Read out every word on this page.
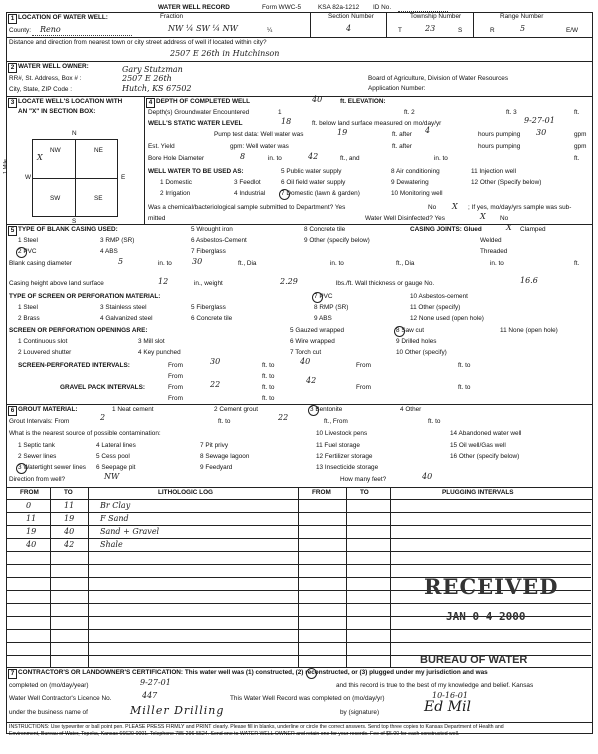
WATER WELL RECORD	Form WWC-5	KSA 82a-1212 ID No.
1 LOCATION OF WATER WELL:	Fraction	Section Number	Township Number	Range Number
County: Reno	NW ¼ SW ¼ NW	¼	4	T	23	S	R	5	E/W
Distance and direction from nearest town or city street address of well if located within city?
2507 E 26th in Hutchinson
2 WATER WELL OWNER:	Gary Stutzman
RR#, St. Address, Box # :	2507 E 26th
City, State, ZIP Code :	Hutch, KS 67502
Board of Agriculture, Division of Water Resources
Application Number:
3 LOCATE WELL'S LOCATION WITH
AN "X" IN SECTION BOX:
N
S
W	E
1 Mile
NW	NE
SW	SE
X
4 DEPTH OF COMPLETED WELL	40	ft. ELEVATION:
Depth(s) Groundwater Encountered	1	ft. 2	ft. 3	ft.
WELL'S STATIC WATER LEVEL	18	ft. below land surface measured on mo/day/yr	9-27-01
Pump test data: Well water was	19	ft. after 4	hours pumping 30	gpm
Est. Yield	gpm: Well water was	ft. after	hours pumping	gpm
Bore Hole Diameter	8	in. to	42	ft., and	in. to	ft.
WELL WATER TO BE USED AS:
1 Domestic
2 Irrigation
3 Feedlot
4 Industrial
5 Public water supply
6 Oil field water supply
7 Domestic (lawn & garden)
8 Air conditioning
9 Dewatering
10 Monitoring well
11 Injection well
12 Other (Specify below)
Was a chemical/bacteriological sample submitted to Department? Yes	No X ; If yes, mo/day/yrs sample was sub-
mitted	Water Well Disinfected? Yes	X No
5 TYPE OF BLANK CASING USED:
1 Steel
2 PVC
3 RMP (SR)
4 ABS
5 Wrought iron
6 Asbestos-Cement
7 Fiberglass
8 Concrete tile
9 Other (specify below)
CASING JOINTS: Glued	X Clamped
Welded
Threaded
Blank casing diameter	5	in. to	30	ft., Dia	in. to	ft., Dia	in. to	ft.
Casing height above land surface	12	in., weight	2.29	lbs./ft. Wall thickness or gauge No.	16.6
TYPE OF SCREEN OR PERFORATION MATERIAL:
1 Steel
2 Brass
3 Stainless steel
4 Galvanized steel
5 Fiberglass
6 Concrete tile
7 PVC
8 RMP (SR)
9 ABS
10 Asbestos-cement
11 Other (specify)
12 None used (open hole)
SCREEN OR PERFORATION OPENINGS ARE:
1 Continuous slot
2 Louvered shutter
3 Mill slot
4 Key punched
5 Gauzed wrapped
6 Wire wrapped
7 Torch cut
8 Saw cut
9 Drilled holes
10 Other (specify)
11 None (open hole)
SCREEN-PERFORATED INTERVALS:	From	30	ft. to	40	From	ft. to
From	ft. to
GRAVEL PACK INTERVALS:	From	22	ft. to
42
From	ft. to
From	ft. to
6 GROUT MATERIAL:	1 Neat cement	2 Cement grout	3 Bentonite	4 Other
Grout Intervals: From	2	ft. to	22	ft., From	ft. to
What is the nearest source of possible contamination:
1 Septic tank
2 Sewer lines
3 Watertight sewer lines
4 Lateral lines
5 Cess pool
6 Seepage pit
7 Pit privy
8 Sewage lagoon
9 Feedyard
10 Livestock pens
11 Fuel storage
12 Fertilizer storage
13 Insecticide storage
14 Abandoned water well
15 Oil well/Gas well
16 Other (specify below)
Direction from well?	NW	How many feet?	40
FROM	TO	LITHOLOGIC LOG	FROM	TO	PLUGGING INTERVALS
0	11	Br Clay
11	19	F Sand
19	40	Sand + Gravel
40	42	Shale
RECEIVED
JAN 0 4 2000
BUREAU OF WATER
7 CONTRACTOR'S OR LANDOWNER'S CERTIFICATION: This water well was (1) constructed, (2) reconstructed, or (3) plugged under my jurisdiction and was
completed on (mo/day/year)	9-27-01	and this record is true to the best of my knowledge and belief. Kansas
Water Well Contractor's Licence No.	447	This Water Well Record was completed on (mo/day/yr)	10-16-01
under the business name of	Miller Drilling	by (signature)	Ed Mil
INSTRUCTIONS: Use typewriter or ball point pen. PLEASE PRESS FIRMLY and PRINT clearly. Please fill in blanks, underline or circle the correct answers. Send top three copies to Kansas Department of Health and
Environment, Bureau of Water, Topeka, Kansas 66620-0001. Telephone 785-296-5524. Send one to WATER WELL OWNER and retain one for your records. Fee of $5.00 for each constructed well.
